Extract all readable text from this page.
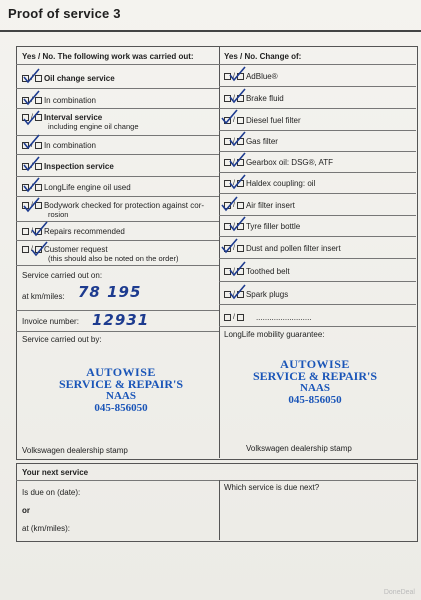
Proof of service 3
Yes / No. The following work was carried out:	Yes / No. Change of:
/ Oil change service
/ In combination
/ Interval service
including engine oil change
/ In combination
/ Inspection service
/ LongLife engine oil used
/ Bodywork checked for protection against cor-
rosion
/ Repairs recommended
/ Customer request
(this should also be noted on the order)
Service carried out on:
at km/miles: 78 195
Invoice number: 12931
Service carried out by:
AUTOWISE
SERVICE & REPAIR'S
NAAS
045-856050
Volkswagen dealership stamp
/ AdBlue®
/ Brake fluid
/ Diesel fuel filter
/ Gas filter
/ Gearbox oil: DSG®, ATF
/ Haldex coupling: oil
/ Air filter insert
/ Tyre filler bottle
/ Dust and pollen filter insert
/ Toothed belt
/ Spark plugs
/	.........................
LongLife mobility guarantee:
AUTOWISE
SERVICE & REPAIR'S
NAAS
045-856050
Volkswagen dealership stamp
Your next service
Is due on (date):
or
at (km/miles):
Which service is due next?
DoneDeal
